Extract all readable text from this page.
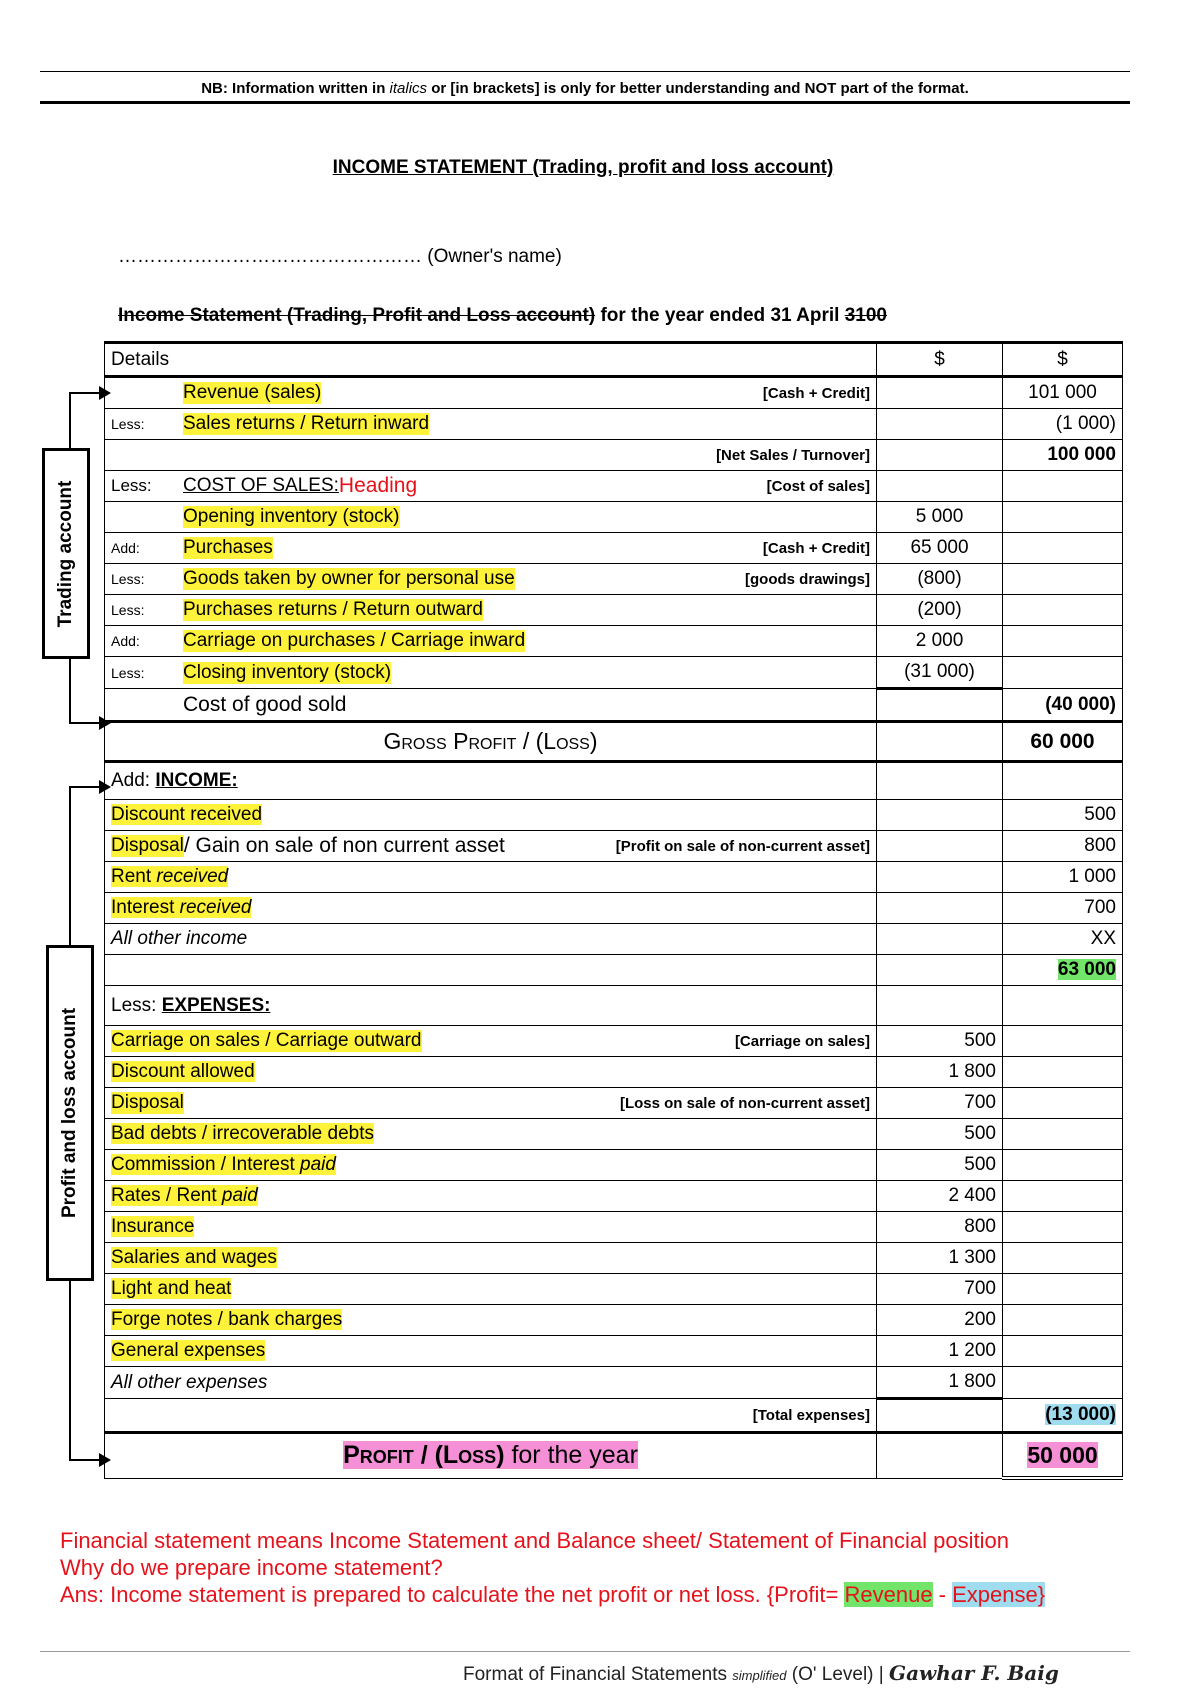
NB: Information written in italics or [in brackets] is only for better understanding and NOT part of the format.
INCOME STATEMENT (Trading, profit and loss account)
………………………………………… (Owner's name)
Income Statement (Trading, Profit and Loss account) for the year ended 31 April 3100
Trading account
Profit and loss account
Details	$	$

Revenue (sales) [Cash + Credit]		101 000

Less: Sales returns / Return inward		(1 000)

[Net Sales / Turnover]		100 000

Less: COST OF SALES: Heading [Cost of sales]		

Opening inventory (stock)	5 000	

Add: Purchases [Cash + Credit]	65 000	

Less: Goods taken by owner for personal use [goods drawings]	(800)	

Less: Purchases returns / Return outward	(200)	

Add: Carriage on purchases / Carriage inward	2 000	

Less: Closing inventory (stock)	(31 000)	

Cost of good sold		(40 000)
Gross Profit / (Loss)		60 000

Add:
INCOME:		

Discount received		500

Disposal / Gain on sale of non current asset [Profit on sale of non-current asset]		800
Rent received		1 000
Interest received		700
All other income		XX
		63 000

Less:
EXPENSES:		

Carriage on sales / Carriage outward [Carriage on sales]	500	
Discount allowed	1 800	

Disposal [Loss on sale of non-current asset]	700	
Bad debts / irrecoverable debts	500	
Commission / Interest paid	500	
Rates / Rent paid	2 400	
Insurance	800	
Salaries and wages	1 300	
Light and heat	700	
Forge notes / bank charges	200	
General expenses	1 200	
All other expenses	1 800	

[Total expenses]		(13 000)
Profit / (Loss) for the year		50 000
Financial statement means Income Statement and Balance sheet/ Statement of Financial position
Why do we prepare income statement?
Ans: Income statement is prepared to calculate the net profit or net loss. {Profit= Revenue - Expense}
Format of Financial Statements simplified (O' Level) | Gawhar F. Baig
